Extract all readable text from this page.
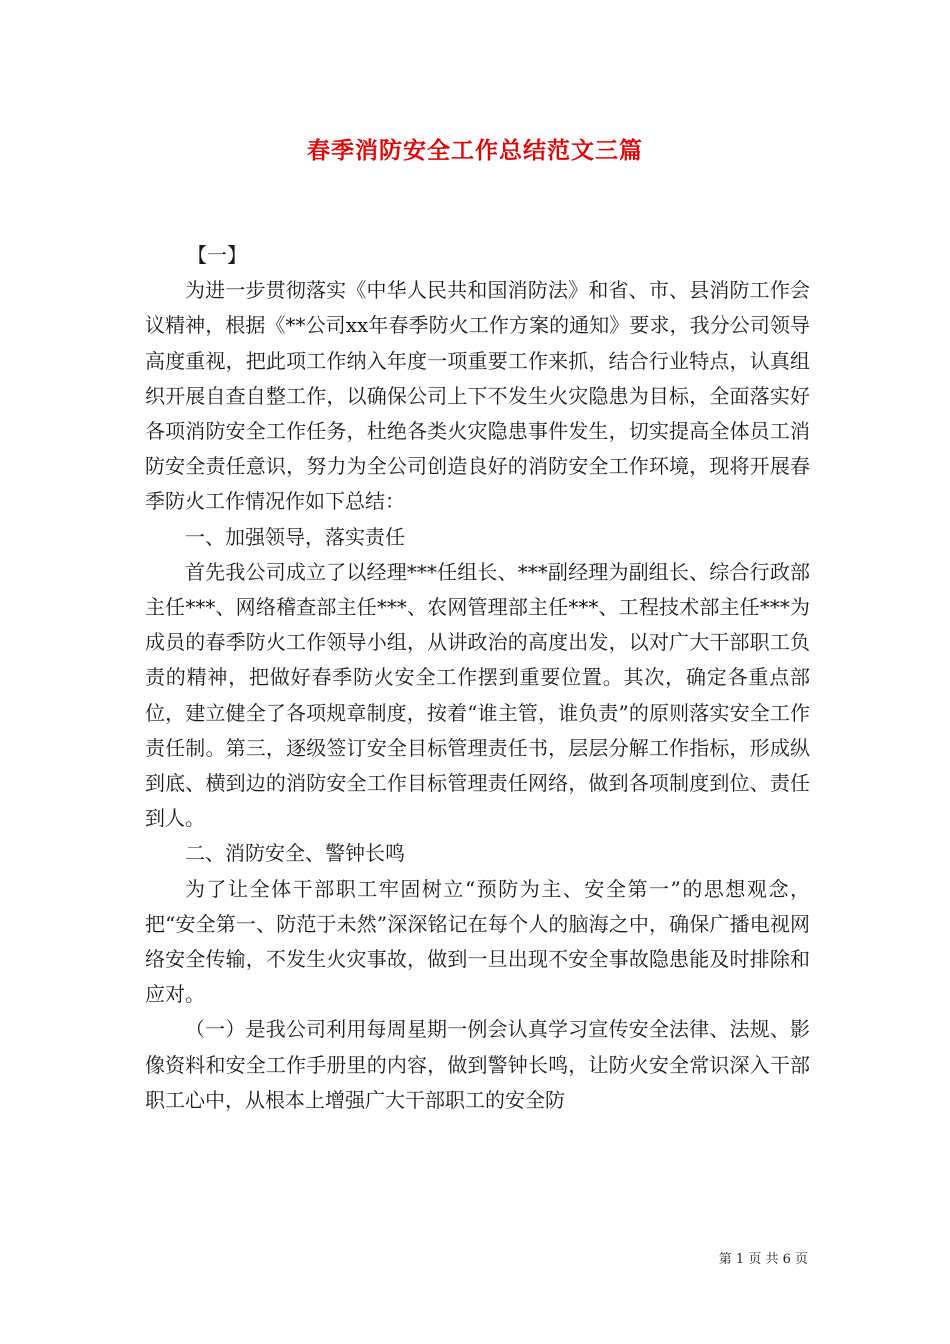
春季消防安全工作总结范文三篇

【一】

为进一步贯彻落实《中华人民共和国消防法》和省、市、县消防工作会议精神，根据《**公司xx年春季防火工作方案的通知》要求，我分公司领导高度重视，把此项工作纳入年度一项重要工作来抓，结合行业特点，认真组织开展自查自整工作，以确保公司上下不发生火灾隐患为目标，全面落实好各项消防安全工作任务，杜绝各类火灾隐患事件发生，切实提高全体员工消防安全责任意识，努力为全公司创造良好的消防安全工作环境，现将开展春季防火工作情况作如下总结：

一、加强领导，落实责任

首先我公司成立了以经理***任组长、***副经理为副组长、综合行政部主任***、网络稽查部主任***、农网管理部主任***、工程技术部主任***为成员的春季防火工作领导小组，从讲政治的高度出发，以对广大干部职工负责的精神，把做好春季防火安全工作摆到重要位置。其次，确定各重点部位，建立健全了各项规章制度，按着“谁主管，谁负责”的原则落实安全工作责任制。第三，逐级签订安全目标管理责任书，层层分解工作指标，形成纵到底、横到边的消防安全工作目标管理责任网络，做到各项制度到位、责任到人。

二、消防安全、警钟长鸣

为了让全体干部职工牢固树立“预防为主、安全第一”的思想观念，把“安全第一、防范于未然”深深铭记在每个人的脑海之中，确保广播电视网络安全传输，不发生火灾事故，做到一旦出现不安全事故隐患能及时排除和应对。

（一）是我公司利用每周星期一例会认真学习宣传安全法律、法规、影像资料和安全工作手册里的内容，做到警钟长鸣，让防火安全常识深入干部职工心中，从根本上增强广大干部职工的安全防

第 1 页 共 6 页
